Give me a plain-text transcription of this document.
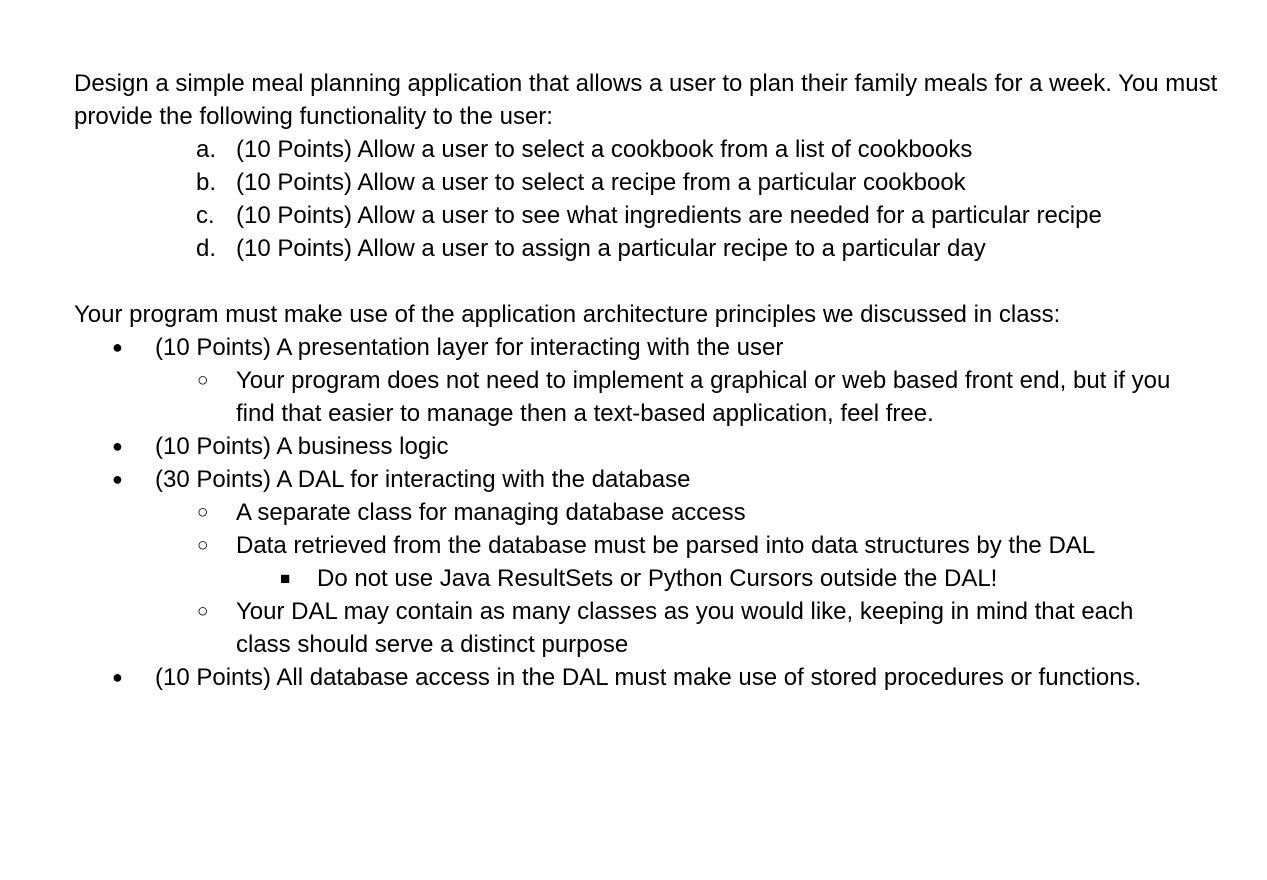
Design a simple meal planning application that allows a user to plan their family meals for a week. You must provide the following functionality to the user:

a. (10 Points) Allow a user to select a cookbook from a list of cookbooks
b. (10 Points) Allow a user to select a recipe from a particular cookbook
c. (10 Points) Allow a user to see what ingredients are needed for a particular recipe
d. (10 Points) Allow a user to assign a particular recipe to a particular day

Your program must make use of the application architecture principles we discussed in class:

● (10 Points) A presentation layer for interacting with the user
○ Your program does not need to implement a graphical or web based front end, but if you find that easier to manage then a text-based application, feel free.
● (10 Points) A business logic
● (30 Points) A DAL for interacting with the database
○ A separate class for managing database access
○ Data retrieved from the database must be parsed into data structures by the DAL
■ Do not use Java ResultSets or Python Cursors outside the DAL!
○ Your DAL may contain as many classes as you would like, keeping in mind that each class should serve a distinct purpose
● (10 Points) All database access in the DAL must make use of stored procedures or functions.
